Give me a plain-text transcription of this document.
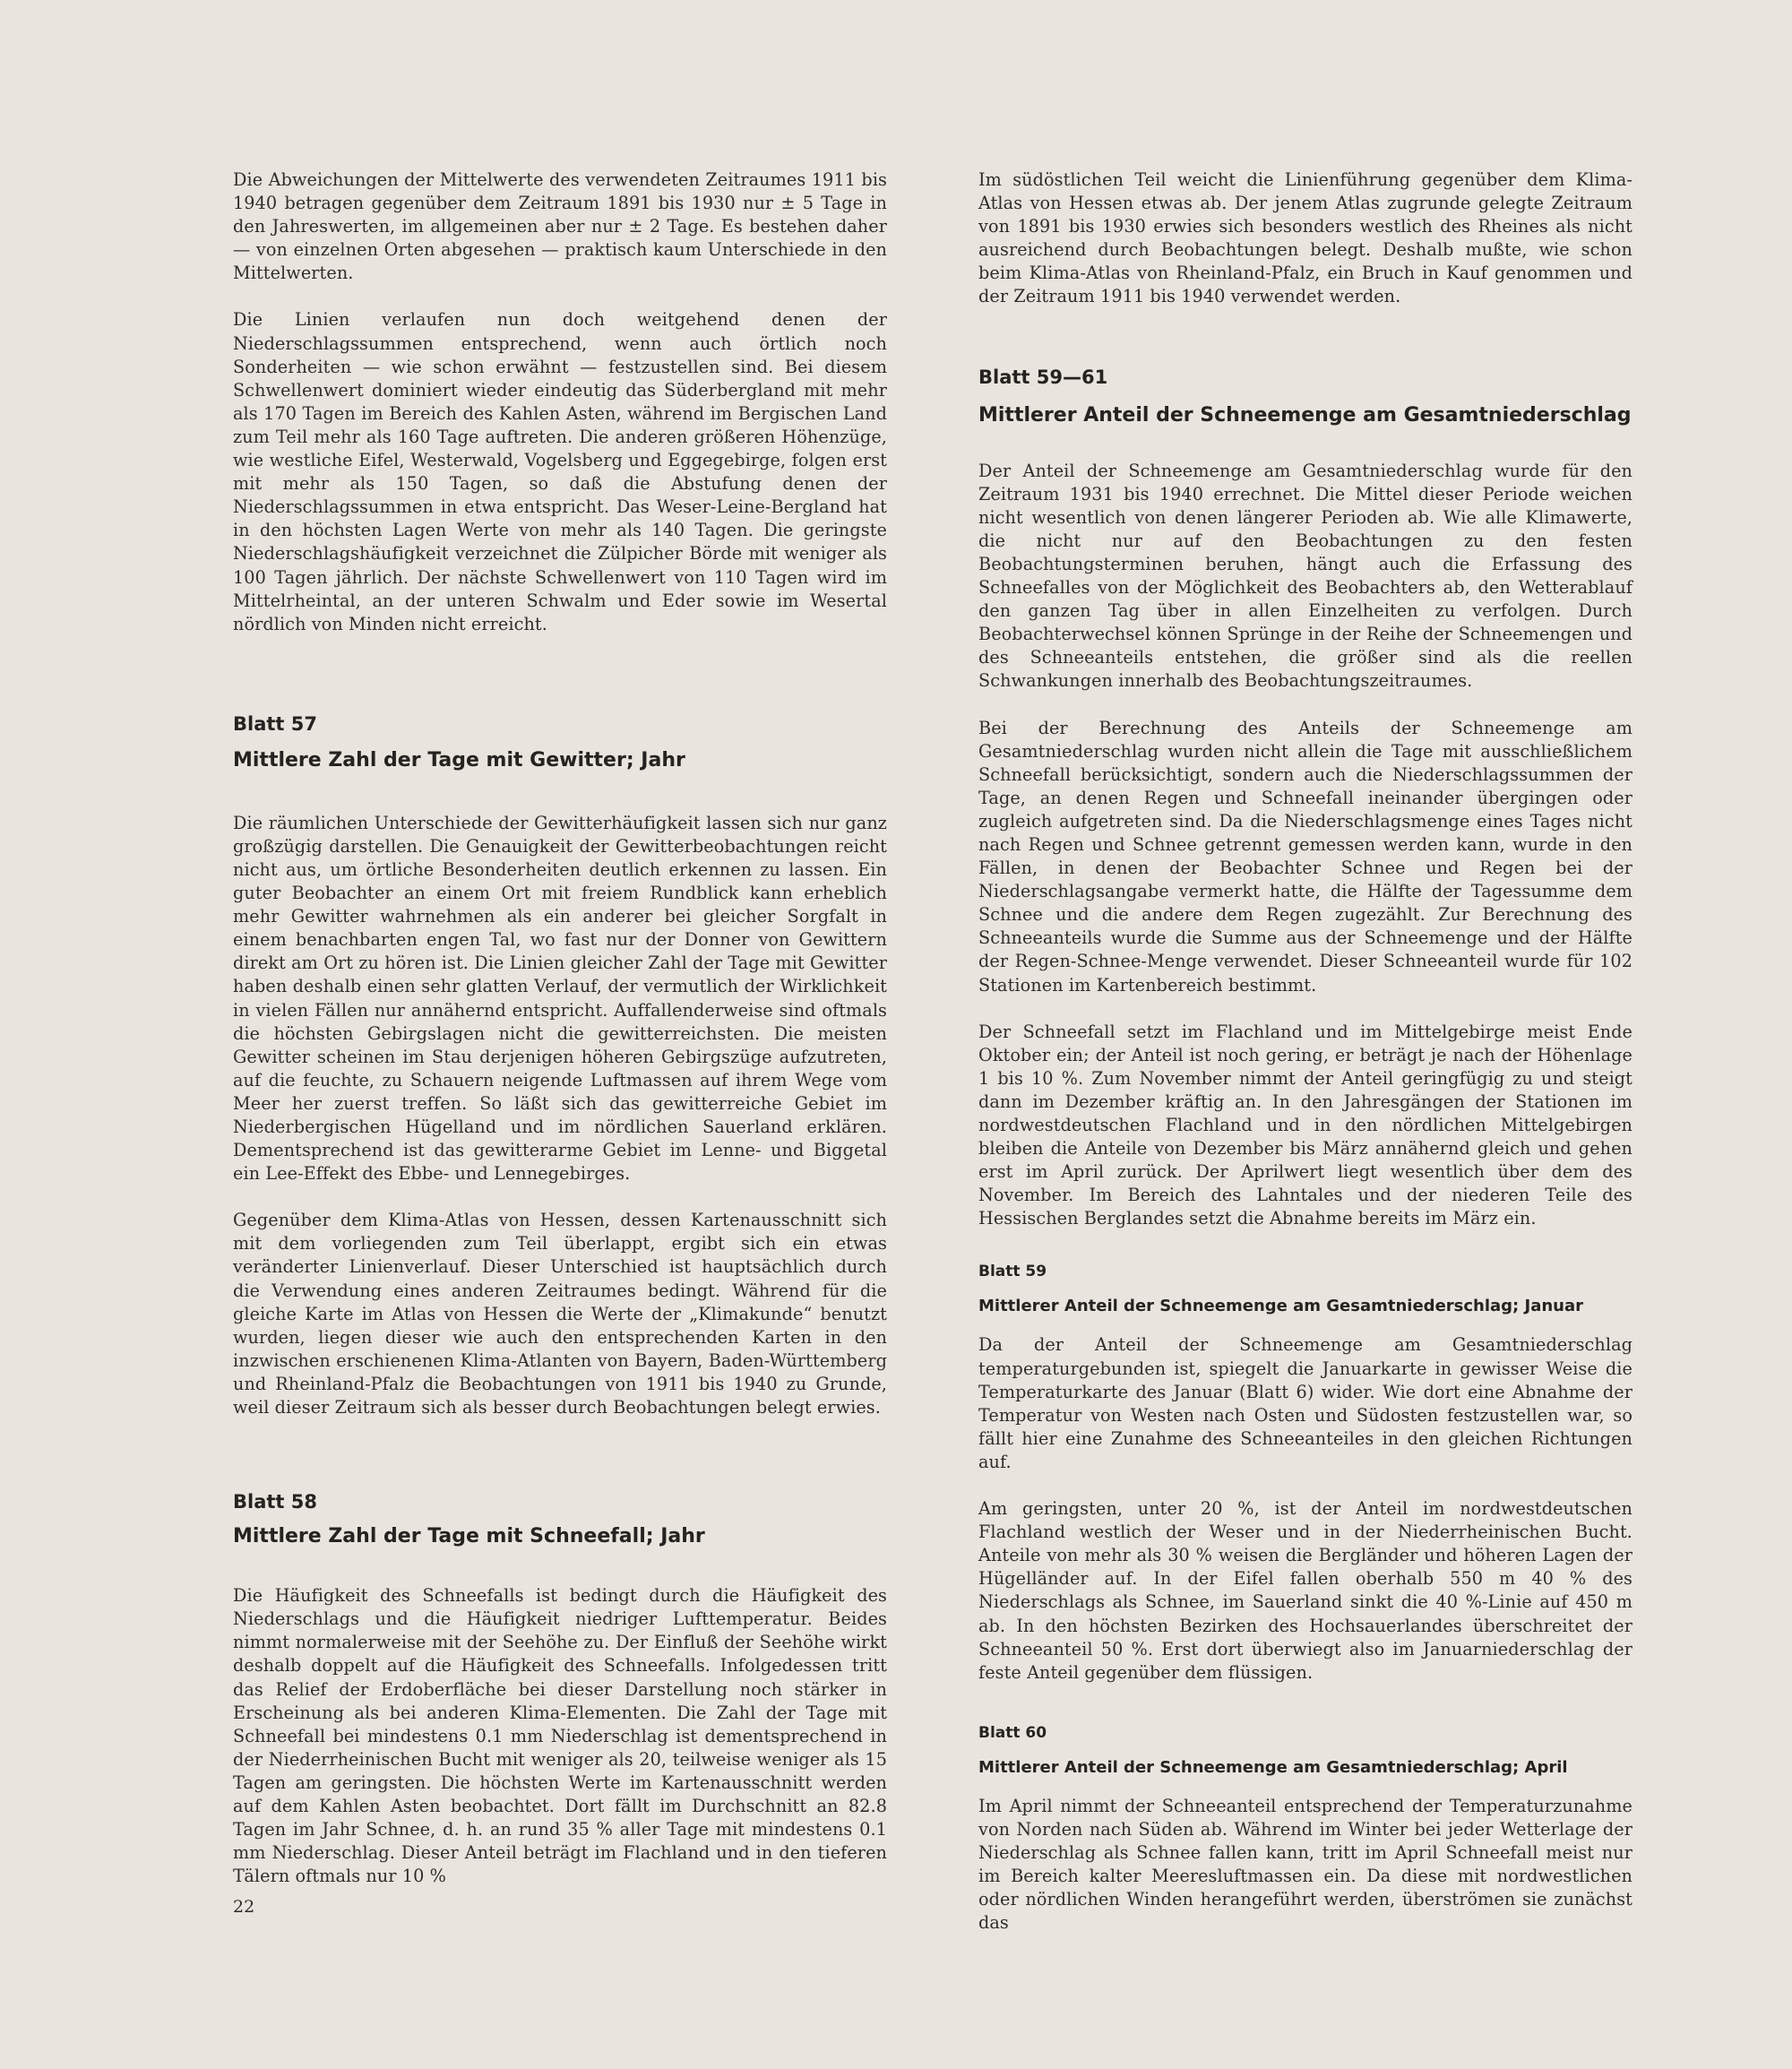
Die Abweichungen der Mittelwerte des verwendeten Zeitraumes 1911 bis 1940 betragen gegenüber dem Zeitraum 1891 bis 1930 nur ± 5 Tage in den Jahreswerten, im allgemeinen aber nur ± 2 Tage. Es bestehen daher — von einzelnen Orten abgesehen — praktisch kaum Unterschiede in den Mittelwerten.

Die Linien verlaufen nun doch weitgehend denen der Niederschlagssummen entsprechend, wenn auch örtlich noch Sonderheiten — wie schon erwähnt — festzustellen sind. Bei diesem Schwellenwert dominiert wieder eindeutig das Süderbergland mit mehr als 170 Tagen im Bereich des Kahlen Asten, während im Bergischen Land zum Teil mehr als 160 Tage auftreten. Die anderen größeren Höhenzüge, wie westliche Eifel, Westerwald, Vogelsberg und Eggegebirge, folgen erst mit mehr als 150 Tagen, so daß die Abstufung denen der Niederschlagssummen in etwa entspricht. Das Weser-Leine-Bergland hat in den höchsten Lagen Werte von mehr als 140 Tagen. Die geringste Niederschlagshäufigkeit verzeichnet die Zülpicher Börde mit weniger als 100 Tagen jährlich. Der nächste Schwellenwert von 110 Tagen wird im Mittelrheintal, an der unteren Schwalm und Eder sowie im Wesertal nördlich von Minden nicht erreicht.

Blatt 57
Mittlere Zahl der Tage mit Gewitter; Jahr

Die räumlichen Unterschiede der Gewitterhäufigkeit lassen sich nur ganz großzügig darstellen. Die Genauigkeit der Gewitterbeobachtungen reicht nicht aus, um örtliche Besonderheiten deutlich erkennen zu lassen. Ein guter Beobachter an einem Ort mit freiem Rundblick kann erheblich mehr Gewitter wahrnehmen als ein anderer bei gleicher Sorgfalt in einem benachbarten engen Tal, wo fast nur der Donner von Gewittern direkt am Ort zu hören ist. Die Linien gleicher Zahl der Tage mit Gewitter haben deshalb einen sehr glatten Verlauf, der vermutlich der Wirklichkeit in vielen Fällen nur annähernd entspricht. Auffallenderweise sind oftmals die höchsten Gebirgslagen nicht die gewitterreichsten. Die meisten Gewitter scheinen im Stau derjenigen höheren Gebirgszüge aufzutreten, auf die feuchte, zu Schauern neigende Luftmassen auf ihrem Wege vom Meer her zuerst treffen. So läßt sich das gewitterreiche Gebiet im Niederbergischen Hügelland und im nördlichen Sauerland erklären. Dementsprechend ist das gewitterarme Gebiet im Lenne- und Biggetal ein Lee-Effekt des Ebbe- und Lennegebirges.

Gegenüber dem Klima-Atlas von Hessen, dessen Kartenausschnitt sich mit dem vorliegenden zum Teil überlappt, ergibt sich ein etwas veränderter Linienverlauf. Dieser Unterschied ist hauptsächlich durch die Verwendung eines anderen Zeitraumes bedingt. Während für die gleiche Karte im Atlas von Hessen die Werte der „Klimakunde“ benutzt wurden, liegen dieser wie auch den entsprechenden Karten in den inzwischen erschienenen Klima-Atlanten von Bayern, Baden-Württemberg und Rheinland-Pfalz die Beobachtungen von 1911 bis 1940 zu Grunde, weil dieser Zeitraum sich als besser durch Beobachtungen belegt erwies.

Blatt 58
Mittlere Zahl der Tage mit Schneefall; Jahr

Die Häufigkeit des Schneefalls ist bedingt durch die Häufigkeit des Niederschlags und die Häufigkeit niedriger Lufttemperatur. Beides nimmt normalerweise mit der Seehöhe zu. Der Einfluß der Seehöhe wirkt deshalb doppelt auf die Häufigkeit des Schneefalls. Infolgedessen tritt das Relief der Erdoberfläche bei dieser Darstellung noch stärker in Erscheinung als bei anderen Klima-Elementen. Die Zahl der Tage mit Schneefall bei mindestens 0.1 mm Niederschlag ist dementsprechend in der Niederrheinischen Bucht mit weniger als 20, teilweise weniger als 15 Tagen am geringsten. Die höchsten Werte im Kartenausschnitt werden auf dem Kahlen Asten beobachtet. Dort fällt im Durchschnitt an 82.8 Tagen im Jahr Schnee, d. h. an rund 35 % aller Tage mit mindestens 0.1 mm Niederschlag. Dieser Anteil beträgt im Flachland und in den tieferen Tälern oftmals nur 10 %

Im südöstlichen Teil weicht die Linienführung gegenüber dem Klima-Atlas von Hessen etwas ab. Der jenem Atlas zugrunde gelegte Zeitraum von 1891 bis 1930 erwies sich besonders westlich des Rheines als nicht ausreichend durch Beobachtungen belegt. Deshalb mußte, wie schon beim Klima-Atlas von Rheinland-Pfalz, ein Bruch in Kauf genommen und der Zeitraum 1911 bis 1940 verwendet werden.

Blatt 59—61
Mittlerer Anteil der Schneemenge am Gesamtniederschlag

Der Anteil der Schneemenge am Gesamtniederschlag wurde für den Zeitraum 1931 bis 1940 errechnet. Die Mittel dieser Periode weichen nicht wesentlich von denen längerer Perioden ab. Wie alle Klimawerte, die nicht nur auf den Beobachtungen zu den festen Beobachtungsterminen beruhen, hängt auch die Erfassung des Schneefalles von der Möglichkeit des Beobachters ab, den Wetterablauf den ganzen Tag über in allen Einzelheiten zu verfolgen. Durch Beobachterwechsel können Sprünge in der Reihe der Schneemengen und des Schneeanteils entstehen, die größer sind als die reellen Schwankungen innerhalb des Beobachtungszeitraumes.

Bei der Berechnung des Anteils der Schneemenge am Gesamtniederschlag wurden nicht allein die Tage mit ausschließlichem Schneefall berücksichtigt, sondern auch die Niederschlagssummen der Tage, an denen Regen und Schneefall ineinander übergingen oder zugleich aufgetreten sind. Da die Niederschlagsmenge eines Tages nicht nach Regen und Schnee getrennt gemessen werden kann, wurde in den Fällen, in denen der Beobachter Schnee und Regen bei der Niederschlagsangabe vermerkt hatte, die Hälfte der Tagessumme dem Schnee und die andere dem Regen zugezählt. Zur Berechnung des Schneeanteils wurde die Summe aus der Schneemenge und der Hälfte der Regen-Schnee-Menge verwendet. Dieser Schneeanteil wurde für 102 Stationen im Kartenbereich bestimmt.

Der Schneefall setzt im Flachland und im Mittelgebirge meist Ende Oktober ein; der Anteil ist noch gering, er beträgt je nach der Höhenlage 1 bis 10 %. Zum November nimmt der Anteil geringfügig zu und steigt dann im Dezember kräftig an. In den Jahresgängen der Stationen im nordwestdeutschen Flachland und in den nördlichen Mittelgebirgen bleiben die Anteile von Dezember bis März annähernd gleich und gehen erst im April zurück. Der Aprilwert liegt wesentlich über dem des November. Im Bereich des Lahntales und der niederen Teile des Hessischen Berglandes setzt die Abnahme bereits im März ein.

Blatt 59
Mittlerer Anteil der Schneemenge am Gesamtniederschlag; Januar

Da der Anteil der Schneemenge am Gesamtniederschlag temperaturgebunden ist, spiegelt die Januarkarte in gewisser Weise die Temperaturkarte des Januar (Blatt 6) wider. Wie dort eine Abnahme der Temperatur von Westen nach Osten und Südosten festzustellen war, so fällt hier eine Zunahme des Schneeanteiles in den gleichen Richtungen auf.

Am geringsten, unter 20 %, ist der Anteil im nordwestdeutschen Flachland westlich der Weser und in der Niederrheinischen Bucht. Anteile von mehr als 30 % weisen die Bergländer und höheren Lagen der Hügelländer auf. In der Eifel fallen oberhalb 550 m 40 % des Niederschlags als Schnee, im Sauerland sinkt die 40 %-Linie auf 450 m ab. In den höchsten Bezirken des Hochsauerlandes überschreitet der Schneeanteil 50 %. Erst dort überwiegt also im Januarniederschlag der feste Anteil gegenüber dem flüssigen.

Blatt 60
Mittlerer Anteil der Schneemenge am Gesamtniederschlag; April

Im April nimmt der Schneeanteil entsprechend der Temperaturzunahme von Norden nach Süden ab. Während im Winter bei jeder Wetterlage der Niederschlag als Schnee fallen kann, tritt im April Schneefall meist nur im Bereich kalter Meeresluftmassen ein. Da diese mit nordwestlichen oder nördlichen Winden herangeführt werden, überströmen sie zunächst das

22
